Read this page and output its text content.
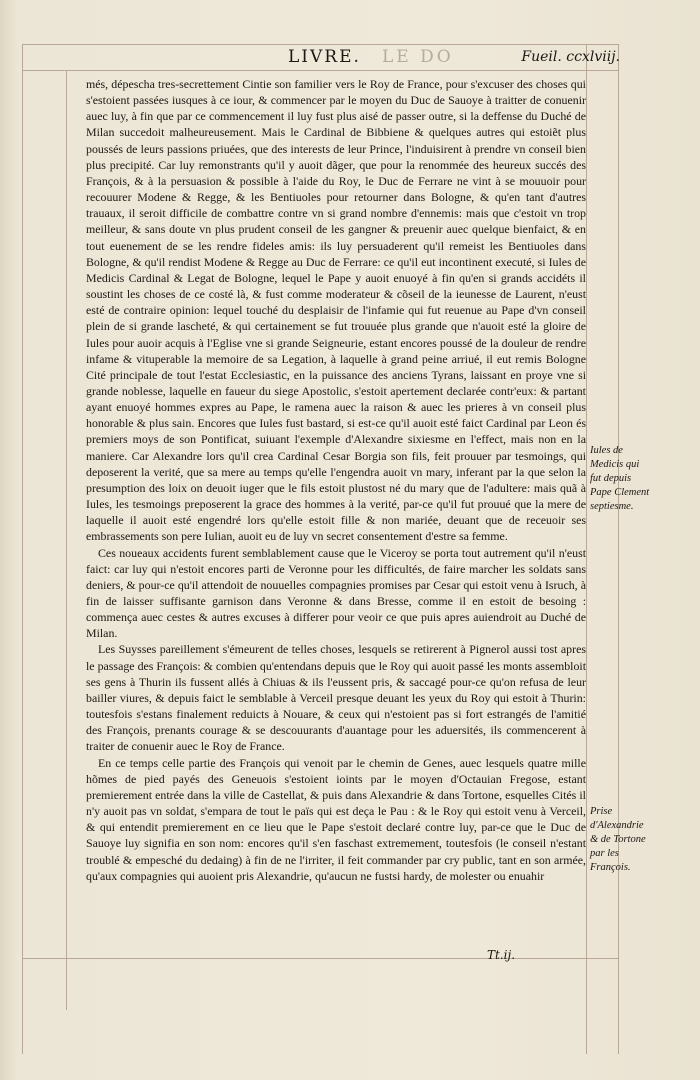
LIVRE. LE DO	Fueil. ccxlviij.

més, dépescha tres-secrettement Cintie son familier vers le Roy de France, pour s'excuser des choses qui s'estoient passées iusques à ce iour, & commencer par le moyen du Duc de Sauoye à traitter de conuenir auec luy, à fin que par ce commencement il luy fust plus aisé de passer outre, si la deffense du Duché de Milan succedoit malheureusement. Mais le Cardinal de Bibbiene & quelques autres qui estoiẽt plus poussés de leurs passions priuées, que des interests de leur Prince, l'induisirent à prendre vn conseil bien plus precipité. Car luy remonstrants qu'il y auoit dãger, que pour la renommée des heureux succés des François, & à la persuasion & possible à l'aide du Roy, le Duc de Ferrare ne vint à se mouuoir pour recouurer Modene & Regge, & les Bentiuoles pour retourner dans Bologne, & qu'en tant d'autres trauaux, il seroit difficile de combattre contre vn si grand nombre d'ennemis: mais que c'estoit vn trop meilleur, & sans doute vn plus prudent conseil de les gangner & preuenir auec quelque bienfaict, & en tout euenement de se les rendre fideles amis: ils luy persuaderent qu'il remeist les Bentiuoles dans Bologne, & qu'il rendist Modene & Regge au Duc de Ferrare: ce qu'il eut incontinent executé, si Iules de Medicis Cardinal & Legat de Bologne, lequel le Pape y auoit enuoyé à fin qu'en si grands accidéts il soustint les choses de ce costé là, & fust comme moderateur & cõseil de la ieunesse de Laurent, n'eust esté de contraire opinion: lequel touché du desplaisir de l'infamie qui fut reuenue au Pape d'vn conseil plein de si grande lascheté, & qui certainement se fut trouuée plus grande que n'auoit esté la gloire de Iules pour auoir acquis à l'Eglise vne si grande Seigneurie, estant encores poussé de la douleur de rendre infame & vituperable la memoire de sa Legation, à laquelle à grand peine arriué, il eut remis Bologne Cité principale de tout l'estat Ecclesiastic, en la puissance des anciens Tyrans, laissant en proye vne si grande noblesse, laquelle en faueur du siege Apostolic, s'estoit apertement declarée contr'eux: & partant ayant enuoyé hommes expres au Pape, le ramena auec la raison & auec les prieres à vn conseil plus honorable & plus sain. Encores que Iules fust bastard, si est-ce qu'il auoit esté faict Cardinal par Leon és premiers moys de son Pontificat, suiuant l'exemple d'Alexandre sixiesme en l'effect, mais non en la maniere. Car Alexandre lors qu'il crea Cardinal Cesar Borgia son fils, feit prouuer par tesmoings, qui deposerent la verité, que sa mere au temps qu'elle l'engendra auoit vn mary, inferant par la que selon la presumption des loix on deuoit iuger que le fils estoit plustost né du mary que de l'adultere: mais quã à Iules, les tesmoings preposerent la grace des hommes à la verité, par-ce qu'il fut prouué que la mere de laquelle il auoit esté engendré lors qu'elle estoit fille & non mariée, deuant que de receuoir ses embrassements son pere Iulian, auoit eu de luy vn secret consentement d'estre sa femme.

Ces noueaux accidents furent semblablement cause que le Viceroy se porta tout autrement qu'il n'eust faict: car luy qui n'estoit encores parti de Veronne pour les difficultés, de faire marcher les soldats sans deniers, & pour-ce qu'il attendoit de nouuelles compagnies promises par Cesar qui estoit venu à Isruch, à fin de laisser suffisante garnison dans Veronne & dans Bresse, comme il en estoit de besoing : commença auec cestes & autres excuses à differer pour veoir ce que puis apres auiendroit au Duché de Milan.

Les Suysses pareillement s'émeurent de telles choses, lesquels se retirerent à Pignerol aussi tost apres le passage des François: & combien qu'entendans depuis que le Roy qui auoit passé les monts assembloit ses gens à Thurin ils fussent allés à Chiuas & ils l'eussent pris, & saccagé pour-ce qu'on refusa de leur bailler viures, & depuis faict le semblable à Verceil presque deuant les yeux du Roy qui estoit à Thurin: toutesfois s'estans finalement reduicts à Nouare, & ceux qui n'estoient pas si fort estrangés de l'amitié des François, prenants courage & se descouurants d'auantage pour les aduersités, ils commencerent à traiter de conuenir auec le Roy de France.

En ce temps celle partie des François qui venoit par le chemin de Genes, auec lesquels quatre mille hõmes de pied payés des Geneuois s'estoient ioints par le moyen d'Octauian Fregose, estant premierement entrée dans la ville de Castellat, & puis dans Alexandrie & dans Tortone, esquelles Cités il n'y auoit pas vn soldat, s'empara de tout le païs qui est deça le Pau : & le Roy qui estoit venu à Verceil, & qui entendit premierement en ce lieu que le Pape s'estoit declaré contre luy, par-ce que le Duc de Sauoye luy signifia en son nom: encores qu'il s'en faschast extremement, toutesfois (le conseil n'estant troublé & empesché du dedaing) à fin de ne l'irriter, il feit commander par cry public, tant en son armée, qu'aux compagnies qui auoient pris Alexandrie, qu'aucun ne fustsi hardy, de molester ou enuahir

Iules de Medicis qui fut depuis Pape Clement septiesme.
Prise d'Alexandrie & de Tortone par les François.
Tt.ij.
